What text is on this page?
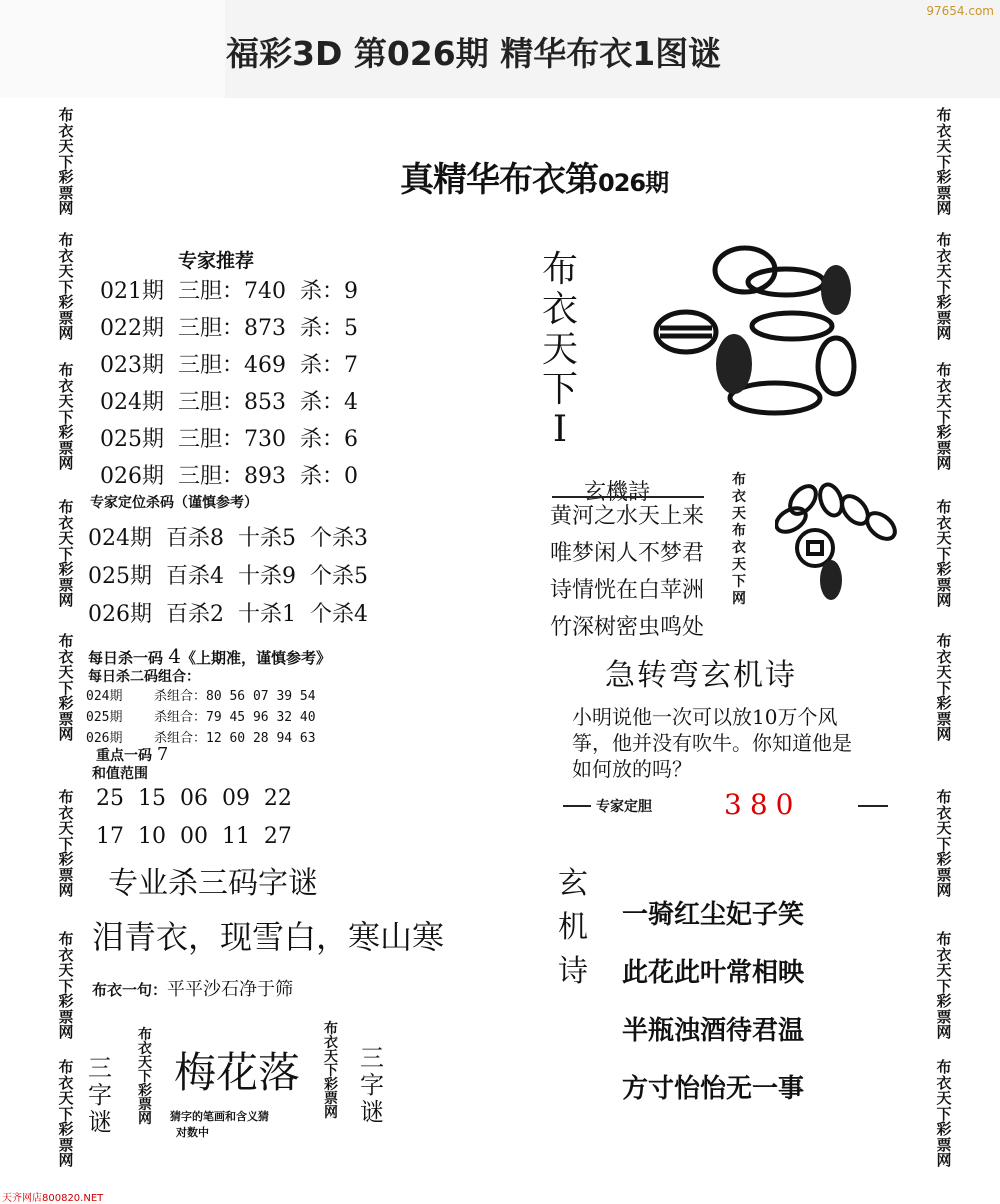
福彩3D 第026期 精华布衣1图谜
97654.com
布
衣
天
下
彩
票
网
布
衣
天
下
彩
票
网
布
衣
天
下
彩
票
网
布
衣
天
下
彩
票
网
布
衣
天
下
彩
票
网
布
衣
天
下
彩
票
网
布
衣
天
下
彩
票
网
布
衣
天
下
彩
票
网
布
衣
天
下
彩
票
网
布
衣
天
下
彩
票
网
布
衣
天
下
彩
票
网
布
衣
天
下
彩
票
网
布
衣
天
下
彩
票
网
布
衣
天
下
彩
票
网
布
衣
天
下
彩
票
网
布
衣
天
下
彩
票
网
真精华布衣第026期
专家推荐
021期  三胆：740  杀：9
022期  三胆：873  杀：5
023期  三胆：469  杀：7
024期  三胆：853  杀：4
025期  三胆：730  杀：6
026期  三胆：893  杀：0
专家定位杀码（谨慎参考）
024期  百杀8  十杀5  个杀3
025期  百杀4  十杀9  个杀5
026期  百杀2  十杀1  个杀4
每日杀一码 4《上期准，谨慎参考》
每日杀二码组合：
024期 杀组合：80 56 07 39 54
025期 杀组合：79 45 96 32 40
026期 杀组合：12 60 28 94 63
重点一码 7
和值范围
25  15  06  09  22
17  10  00  11  27
专业杀三码字谜
泪青衣，现雪白，寒山寒
布衣一句：平平沙石净于筛
三
字
谜
布
衣
天
下
彩
票
网
梅花落
猜字的笔画和含义猜
对数中
布
衣
天
下
彩
票
网
三
字
谜
布
衣
天
下
Ⅰ
玄機詩
黄河之水天上来
唯梦闲人不梦君
诗情恍在白苹洲
竹深树密虫鸣处
布
衣
天
布
衣
天
下
网
急转弯玄机诗
小明说他一次可以放10万个风
筝，他并没有吹牛。你知道他是
如何放的吗？
专家定胆	380
玄
机
诗
一骑红尘妃子笑
此花此叶常相映
半瓶浊酒待君温
方寸怡怡无一事
天齐网店800820.NET
